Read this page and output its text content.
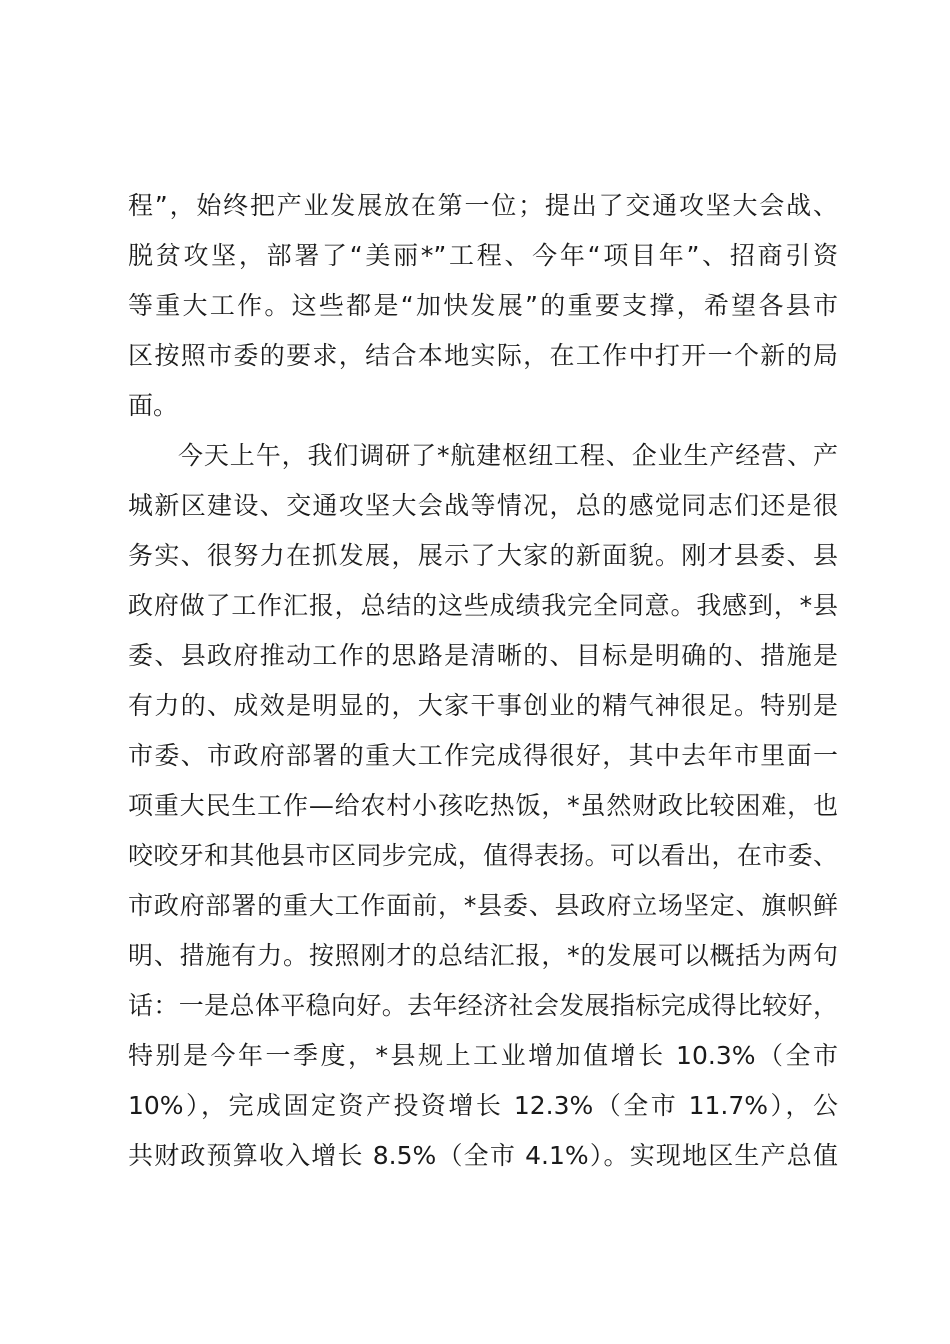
程”，始终把产业发展放在第一位；提出了交通攻坚大会战、
脱贫攻坚，部署了“美丽*”工程、今年“项目年”、招商引资
等重大工作。这些都是“加快发展”的重要支撑，希望各县市
区按照市委的要求，结合本地实际，在工作中打开一个新的局
面。
今天上午，我们调研了*航建枢纽工程、企业生产经营、产
城新区建设、交通攻坚大会战等情况，总的感觉同志们还是很
务实、很努力在抓发展，展示了大家的新面貌。刚才县委、县
政府做了工作汇报，总结的这些成绩我完全同意。我感到，*县
委、县政府推动工作的思路是清晰的、目标是明确的、措施是
有力的、成效是明显的，大家干事创业的精气神很足。特别是
市委、市政府部署的重大工作完成得很好，其中去年市里面一
项重大民生工作—给农村小孩吃热饭，*虽然财政比较困难，也
咬咬牙和其他县市区同步完成，值得表扬。可以看出，在市委、
市政府部署的重大工作面前，*县委、县政府立场坚定、旗帜鲜
明、措施有力。按照刚才的总结汇报，*的发展可以概括为两句
话：一是总体平稳向好。去年经济社会发展指标完成得比较好，
特别是今年一季度，*县规上工业增加值增长 10.3%（全市
10%），完成固定资产投资增长 12.3%（全市 11.7%），公
共财政预算收入增长 8.5%（全市 4.1%）。实现地区生产总值
